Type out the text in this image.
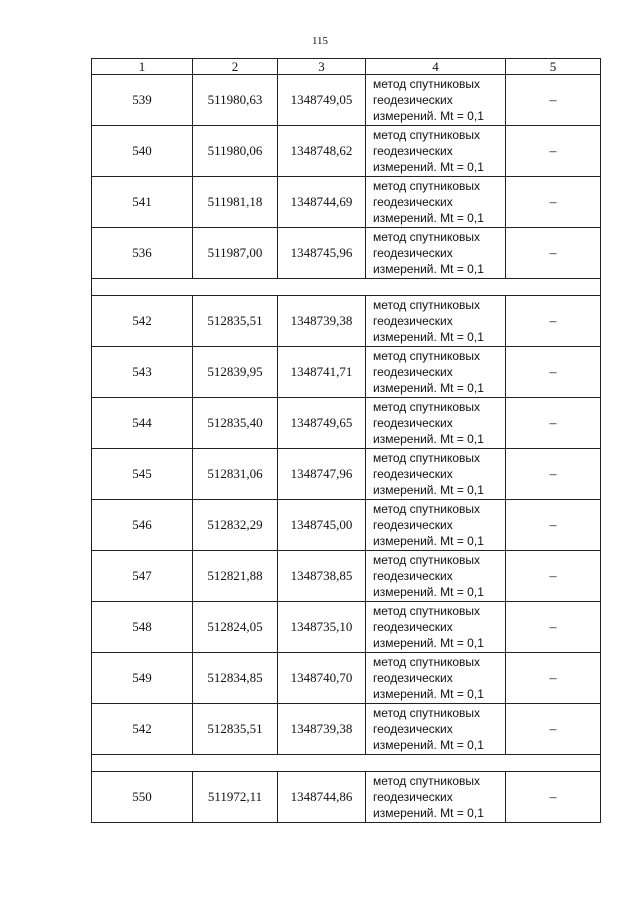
115
1	2	3	4	5
539	511980,63	1348749,05	метод спутниковых
геодезических
измерений. Mt = 0,1	–
540	511980,06	1348748,62	метод спутниковых
геодезических
измерений. Mt = 0,1	–
541	511981,18	1348744,69	метод спутниковых
геодезических
измерений. Mt = 0,1	–
536	511987,00	1348745,96	метод спутниковых
геодезических
измерений. Mt = 0,1	–

542	512835,51	1348739,38	метод спутниковых
геодезических
измерений. Mt = 0,1	–
543	512839,95	1348741,71	метод спутниковых
геодезических
измерений. Mt = 0,1	–
544	512835,40	1348749,65	метод спутниковых
геодезических
измерений. Mt = 0,1	–
545	512831,06	1348747,96	метод спутниковых
геодезических
измерений. Mt = 0,1	–
546	512832,29	1348745,00	метод спутниковых
геодезических
измерений. Mt = 0,1	–
547	512821,88	1348738,85	метод спутниковых
геодезических
измерений. Mt = 0,1	–
548	512824,05	1348735,10	метод спутниковых
геодезических
измерений. Mt = 0,1	–
549	512834,85	1348740,70	метод спутниковых
геодезических
измерений. Mt = 0,1	–
542	512835,51	1348739,38	метод спутниковых
геодезических
измерений. Mt = 0,1	–

550	511972,11	1348744,86	метод спутниковых
геодезических
измерений. Mt = 0,1	–
